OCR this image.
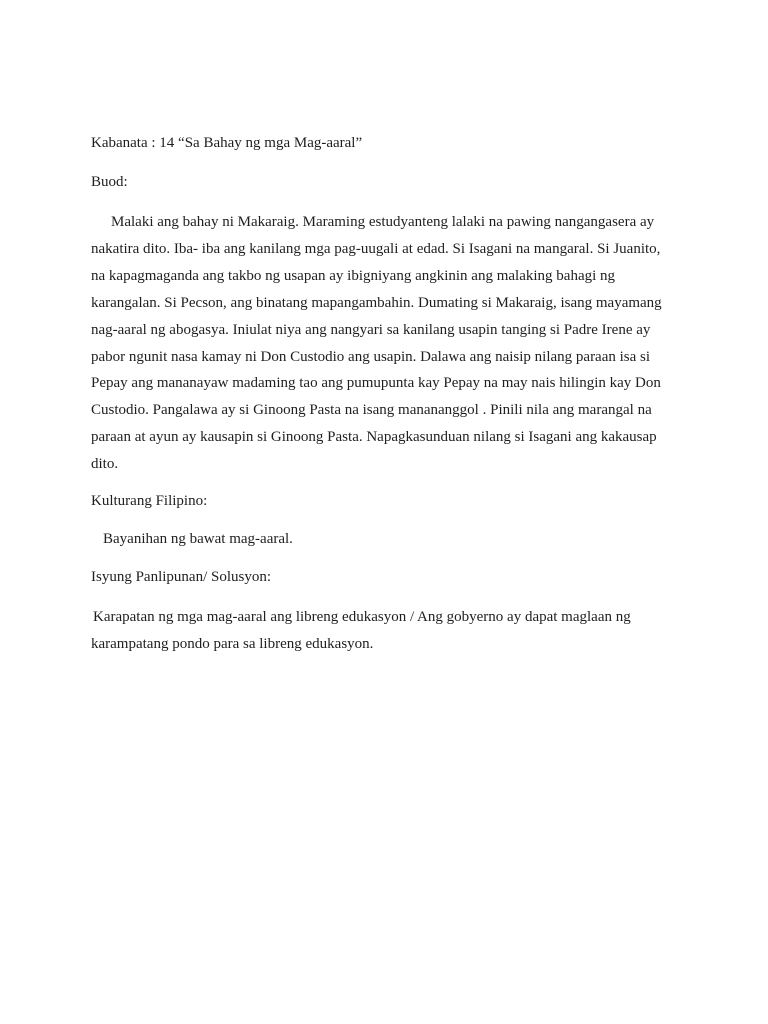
Kabanata : 14 “Sa Bahay ng mga Mag-aaral”

Buod:

Malaki ang bahay ni Makaraig. Maraming estudyanteng lalaki na pawing nangangasera ay

nakatira dito. Iba- iba ang kanilang mga pag-uugali at edad. Si Isagani na mangaral. Si Juanito,

na kapagmaganda ang takbo ng usapan ay ibigniyang angkinin ang malaking bahagi ng

karangalan. Si Pecson, ang binatang mapangambahin. Dumating si Makaraig, isang mayamang

nag-aaral ng abogasya. Iniulat niya ang nangyari sa kanilang usapin tanging si Padre Irene ay

pabor ngunit nasa kamay ni Don Custodio ang usapin. Dalawa ang naisip nilang paraan isa si

Pepay ang mananayaw madaming tao ang pumupunta kay Pepay na may nais hilingin kay Don

Custodio. Pangalawa ay si Ginoong Pasta na isang manananggol . Pinili nila ang marangal na

paraan at ayun ay kausapin si Ginoong Pasta. Napagkasunduan nilang si Isagani ang kakausap

dito.

Kulturang Filipino:

Bayanihan ng bawat mag-aaral.

Isyung Panlipunan/ Solusyon:

Karapatan ng mga mag-aaral ang libreng edukasyon / Ang gobyerno ay dapat maglaan ng

karampatang pondo para sa libreng edukasyon.
